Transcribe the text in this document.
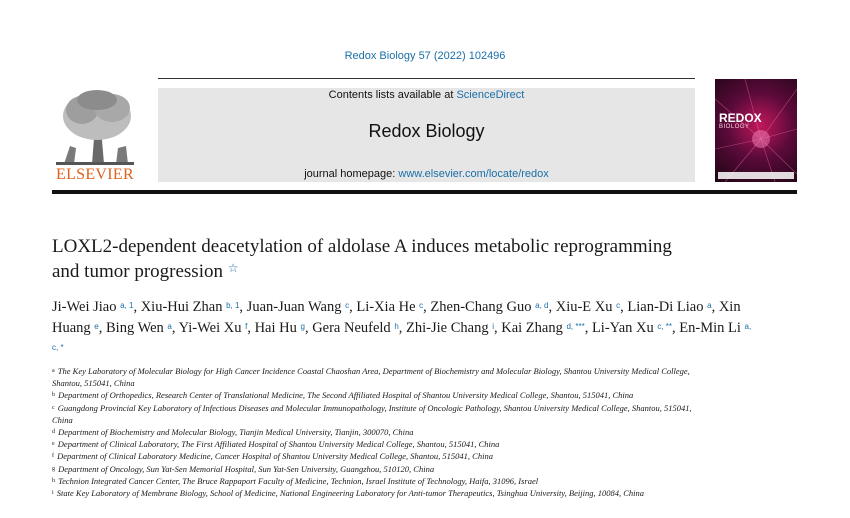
Redox Biology 57 (2022) 102496
ELSEVIER
Contents lists available at ScienceDirect
Redox Biology
journal homepage: www.elsevier.com/locate/redox
REDOX
BIOLOGY
LOXL2-dependent deacetylation of aldolase A induces metabolic reprogramming and tumor progression ☆
Ji-Wei Jiao $^{a, 1}$, Xiu-Hui Zhan $^{b, 1}$, Juan-Juan Wang $^c$, Li-Xia He $^c$, Zhen-Chang Guo $^{a, d}$, Xiu-E Xu $^c$, Lian-Di Liao $^a$, Xin Huang $^e$, Bing Wen $^a$, Yi-Wei Xu $^f$, Hai Hu $^g$, Gera Neufeld $^h$, Zhi-Jie Chang $^i$, Kai Zhang $^{d, ***}$, Li-Yan Xu $^{c, **}$, En-Min Li $^{a, c, *}$
$^a$ The Key Laboratory of Molecular Biology for High Cancer Incidence Coastal Chaoshan Area, Department of Biochemistry and Molecular Biology, Shantou University Medical College, Shantou, 515041, China
$^b$ Department of Orthopedics, Research Center of Translational Medicine, The Second Affiliated Hospital of Shantou University Medical College, Shantou, 515041, China
$^c$ Guangdong Provincial Key Laboratory of Infectious Diseases and Molecular Immunopathology, Institute of Oncologic Pathology, Shantou University Medical College, Shantou, 515041, China
$^d$ Department of Biochemistry and Molecular Biology, Tianjin Medical University, Tianjin, 300070, China
$^e$ Department of Clinical Laboratory, The First Affiliated Hospital of Shantou University Medical College, Shantou, 515041, China
$^f$ Department of Clinical Laboratory Medicine, Cancer Hospital of Shantou University Medical College, Shantou, 515041, China
$^g$ Department of Oncology, Sun Yat-Sen Memorial Hospital, Sun Yat-Sen University, Guangzhou, 510120, China
$^h$ Technion Integrated Cancer Center, The Bruce Rappaport Faculty of Medicine, Technion, Israel Institute of Technology, Haifa, 31096, Israel
$^i$ State Key Laboratory of Membrane Biology, School of Medicine, National Engineering Laboratory for Anti-tumor Therapeutics, Tsinghua University, Beijing, 10084, China
